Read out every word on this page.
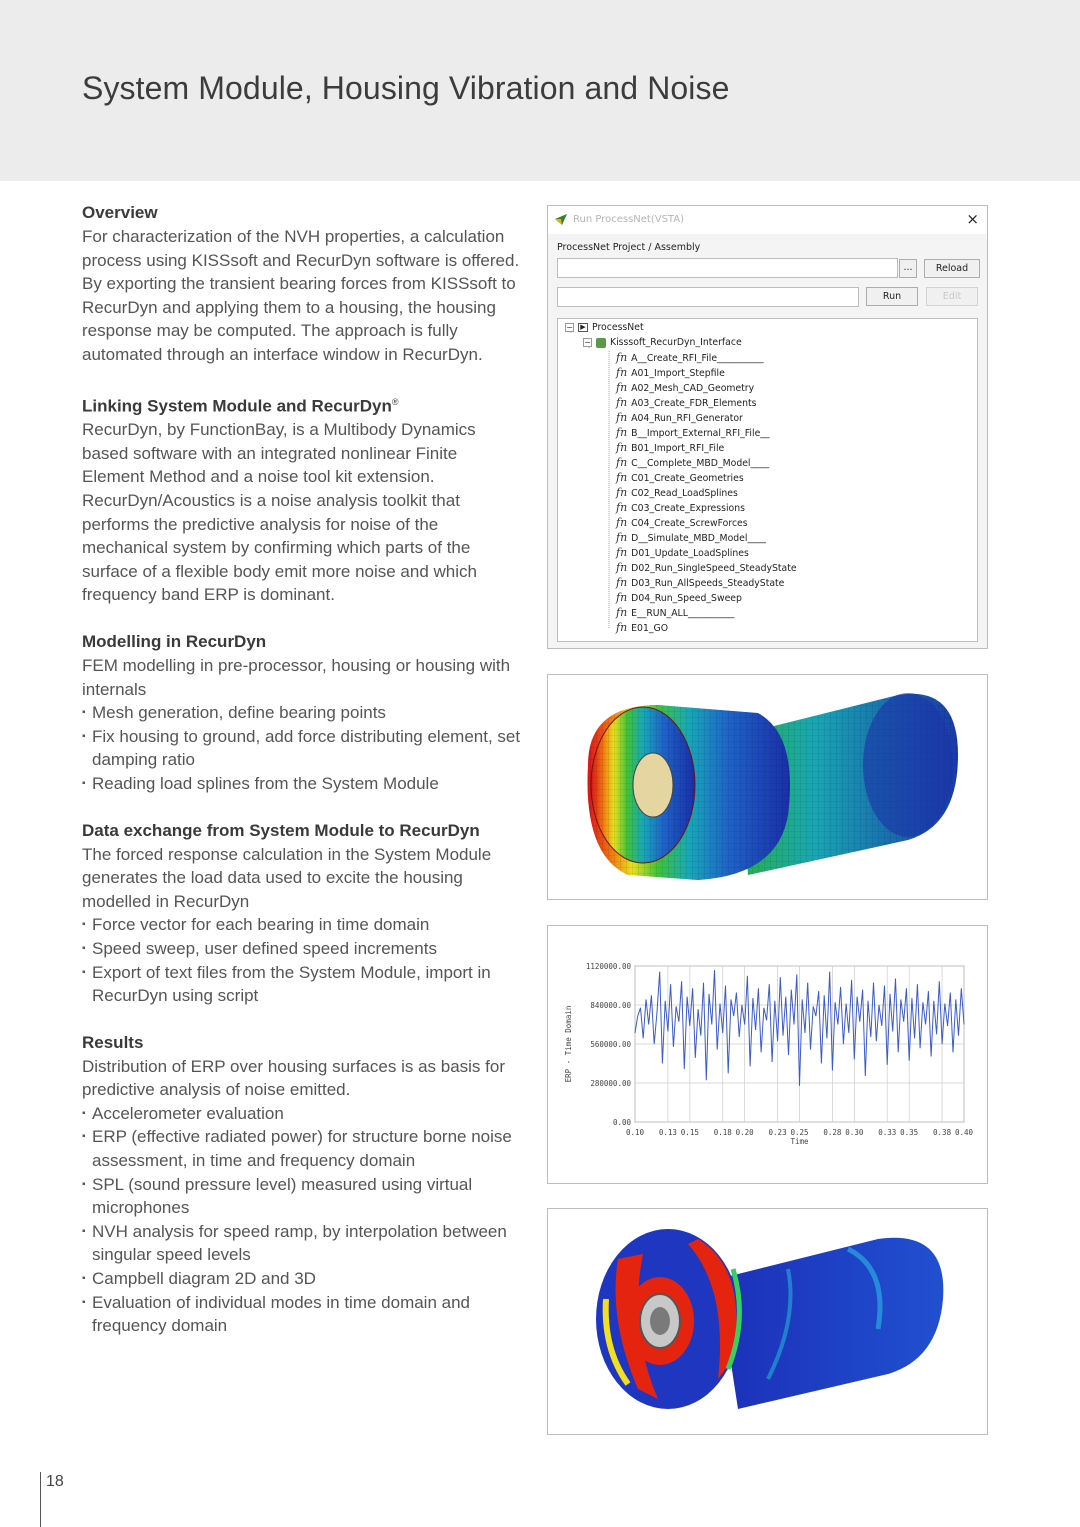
System Module, Housing Vibration and Noise
Overview

For characterization of the NVH properties, a calculation process using KISSsoft and RecurDyn software is offered. By exporting the transient bearing forces from KISSsoft to RecurDyn and applying them to a housing, the housing response may be computed. The approach is fully automated through an interface window in RecurDyn.

Linking System Module and RecurDyn®

RecurDyn, by FunctionBay, is a Multibody Dynamics based software with an integrated nonlinear Finite Element Method and a noise tool kit extension. RecurDyn/Acoustics is a noise analysis toolkit that performs the predictive analysis for noise of the mechanical system by confirming which parts of the surface of a flexible body emit more noise and which frequency band ERP is dominant.

Modelling in RecurDyn

FEM modelling in pre-processor, housing or housing with internals

▪ Mesh generation, define bearing points
▪ Fix housing to ground, add force distributing element, set damping ratio
▪ Reading load splines from the System Module
Data exchange from System Module to RecurDyn

The forced response calculation in the System Module generates the load data used to excite the housing modelled in RecurDyn

▪ Force vector for each bearing in time domain
▪ Speed sweep, user defined speed increments
▪ Export of text files from the System Module, import in RecurDyn using script
Results

Distribution of ERP over housing surfaces is as basis for predictive analysis of noise emitted.

▪ Accelerometer evaluation
▪ ERP (effective radiated power) for structure borne noise assessment, in time and frequency domain
▪ SPL (sound pressure level) measured using virtual microphones
▪ NVH analysis for speed ramp, by interpolation between singular speed levels
▪ Campbell diagram 2D and 3D
▪ Evaluation of individual modes in time domain and frequency domain
Run ProcessNet(VSTA)	×
ProcessNet Project / Assembly
...	Reload
Run	Edit
− ▶ ProcessNet
− Kisssoft_RecurDyn_Interface
fn A__Create_RFI_File__________
fn A01_Import_Stepfile
fn A02_Mesh_CAD_Geometry
fn A03_Create_FDR_Elements
fn A04_Run_RFI_Generator
fn B__Import_External_RFI_File__
fn B01_Import_RFI_File
fn C__Complete_MBD_Model____
fn C01_Create_Geometries
fn C02_Read_LoadSplines
fn C03_Create_Expressions
fn C04_Create_ScrewForces
fn D__Simulate_MBD_Model____
fn D01_Update_LoadSplines
fn D02_Run_SingleSpeed_SteadyState
fn D03_Run_AllSpeeds_SteadyState
fn D04_Run_Speed_Sweep
fn E__RUN_ALL__________
fn E01_GO
0.10 0.13 0.15 0.18 0.20 0.23 0.25 0.28 0.30 0.33 0.35 0.38 0.40
0.00
280000.00
560000.00
840000.00
1120000.00
Time
ERP - Time Domain
18
